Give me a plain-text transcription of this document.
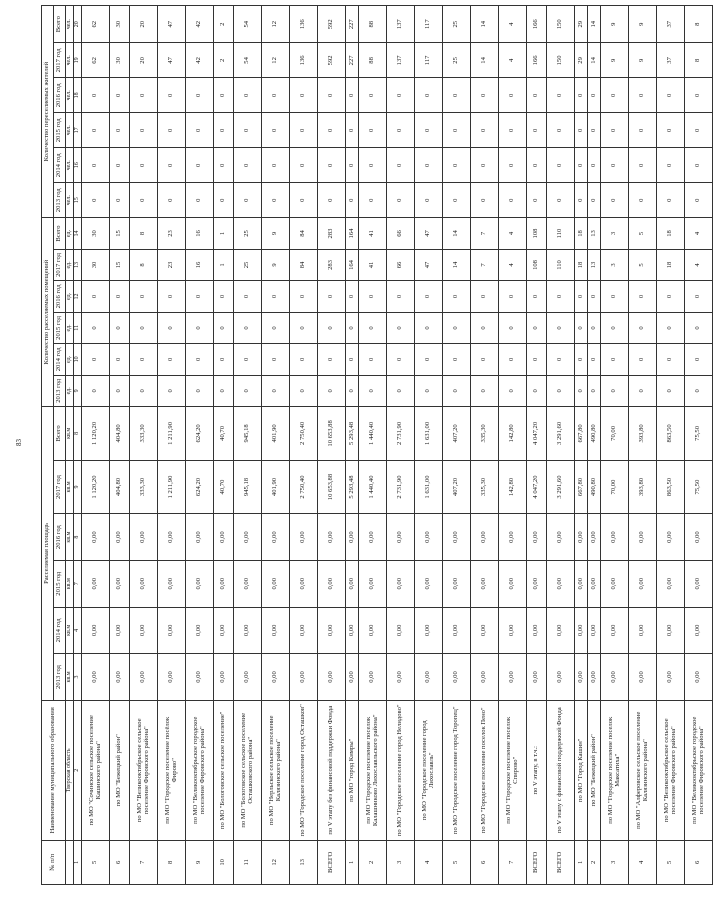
83
№ п/п	Наименование муниципального образования	Расселяемая площадь						Количество расселяемых помещений						Количество переселяемых жителей					
		2013 год	2014 год	2015 год	2016 год	2017 год	Всего	2013 год	2014 год	2015 год	2016 год	2017 год	Всего	2013 год	2014 год	2015 год	2016 год	2017 год	Всего
	Тверская область	кв.м	кв.м	кв.м	кв.м	кв.м	кв.м	ед.	ед.	ед.	ед.	ед.	ед.	чел.	чел.	чел.	чел.	чел.	чел.
1	2	3	4	7	8	9	8	9	10	11	12	13	14	15	16	17	18	19	20
5	по МО "Сочинское сельское поселение Кашинского района"	0,00	0,00	0,00	0,00	1 120,20	1 120,20	0	0	0	0	30	30	0	0	0	0	62	62
6	по МО "Бежецкий район"	0,00	0,00	0,00	0,00	404,80	404,80	0	0	0	0	15	15	0	0	0	0	30	30
7	по МО "Великооктябрьское сельское поселение Фировского района"	0,00	0,00	0,00	0,00	333,30	333,30	0	0	0	0	8	8	0	0	0	0	20	20
8	по МО "Городское поселение посёлок Фирово"	0,00	0,00	0,00	0,00	1 211,90	1 211,90	0	0	0	0	23	23	0	0	0	0	47	47
9	по МО "Великооктябрьское городское поселение Фировского района"	0,00	0,00	0,00	0,00	624,20	624,20	0	0	0	0	16	16	0	0	0	0	42	42
10	по МО "Бологовское сельское поселение"	0,00	0,00	0,00	0,00	40,70	40,70	0	0	0	0	1	1	0	0	0	0	2	2
11	по МО "Бологовское сельское поселение Осташковского района"	0,00	0,00	0,00	0,00	945,18	945,18	0	0	0	0	25	25	0	0	0	0	54	54
12	по МО "Нерльское сельское поселение Калязинского района"	0,00	0,00	0,00	0,00	401,90	401,90	0	0	0	0	9	9	0	0	0	0	12	12
13	по МО "Городское поселение город Осташков"	0,00	0,00	0,00	0,00	2 750,40	2 750,40	0	0	0	0	84	84	0	0	0	0	136	136
ВСЕГО	по V этапу без финансовой поддержки Фонда	0,00	0,00	0,00	0,00	10 653,88	10 653,88	0	0	0	0	283	283	0	0	0	0	592	592
1	по МО "город Кимры"	0,00	0,00	0,00	0,00	5 293,48	5 293,48	0	0	0	0	164	164	0	0	0	0	227	227
2	по МО "Городское поселение поселок Калашниково Лихославльского района"	0,00	0,00	0,00	0,00	1 440,40	1 440,40	0	0	0	0	41	41	0	0	0	0	88	88
3	по МО "Городское поселение город Нелидово"	0,00	0,00	0,00	0,00	2 731,90	2 731,90	0	0	0	0	66	66	0	0	0	0	137	137
4	по МО "Городское поселение город Лихославль"	0,00	0,00	0,00	0,00	1 631,00	1 631,00	0	0	0	0	47	47	0	0	0	0	117	117
5	по МО "Городское поселение город Торопец"	0,00	0,00	0,00	0,00	407,20	407,20	0	0	0	0	14	14	0	0	0	0	25	25
6	по МО "Городское поселение поселок Пено"	0,00	0,00	0,00	0,00	335,30	335,30	0	0	0	0	7	7	0	0	0	0	14	14
7	по МО "Городское поселение поселок Спирово"	0,00	0,00	0,00	0,00	142,80	142,80	0	0	0	0	4	4	0	0	0	0	4	4
ВСЕГО	по V этапу, в т.ч.:	0,00	0,00	0,00	0,00	4 047,20	4 047,20	0	0	0	0	108	108	0	0	0	0	166	166
ВСЕГО	по V этапу с финансовой поддержкой Фонда	0,00	0,00	0,00	0,00	3 291,60	3 291,60	0	0	0	0	110	110	0	0	0	0	150	150
1	по МО "Город Кашин"	0,00	0,00	0,00	0,00	667,80	667,80	0	0	0	0	18	18	0	0	0	0	29	29
2	по МО "Бежецкий район"	0,00	0,00	0,00	0,00	490,80	490,80	0	0	0	0	13	13	0	0	0	0	14	14
3	по МО "Городское поселение поселок Максатиха"	0,00	0,00	0,00	0,00	70,00	70,00	0	0	0	0	3	3	0	0	0	0	9	9
4	по МО "Алферовское сельское поселение Калязинского района"	0,00	0,00	0,00	0,00	393,80	393,80	0	0	0	0	5	5	0	0	0	0	9	9
5	по МО "Великооктябрьское сельское поселение Фировского района"	0,00	0,00	0,00	0,00	863,50	863,50	0	0	0	0	18	18	0	0	0	0	37	37
6	по МО "Великооктябрьское городское поселение Фировского района"	0,00	0,00	0,00	0,00	75,50	75,50	0	0	0	0	4	4	0	0	0	0	8	8
